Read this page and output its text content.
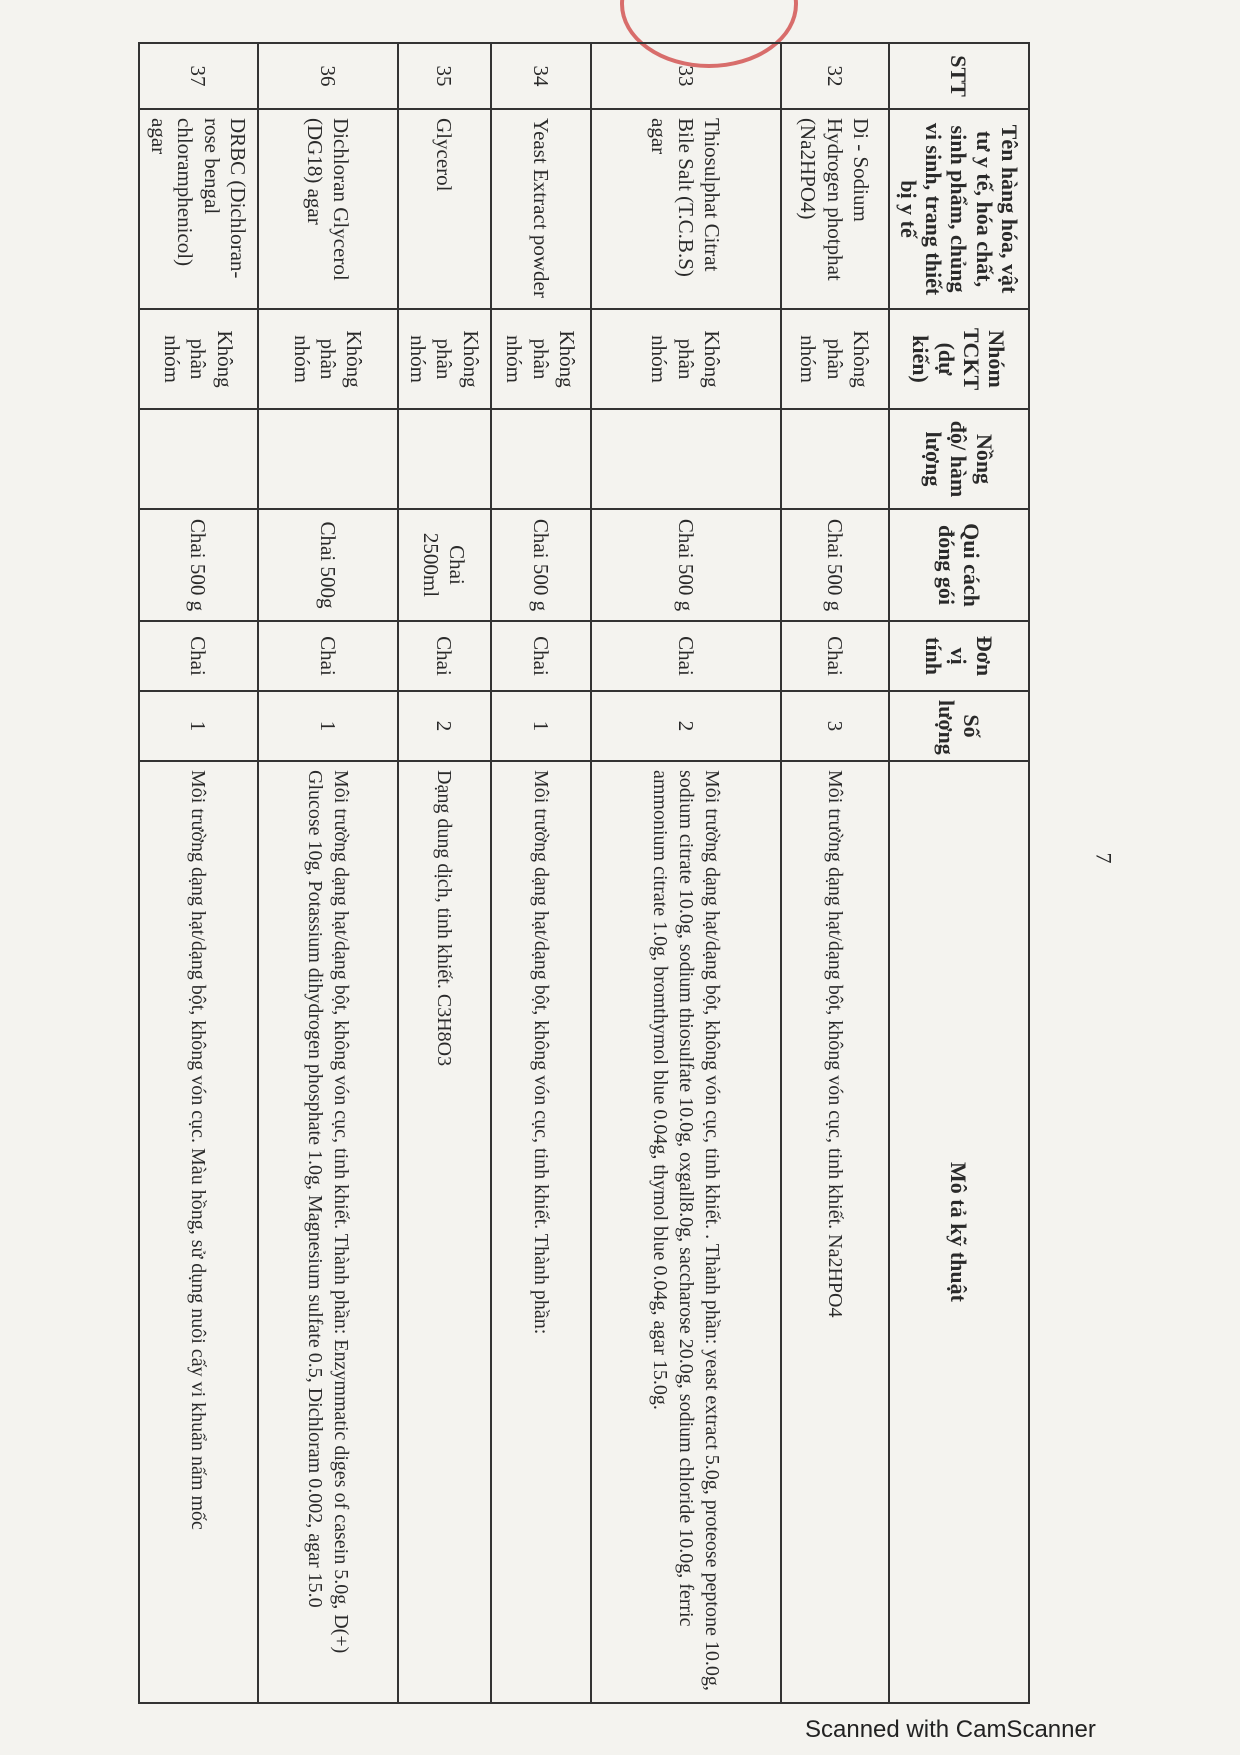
STT	Tên hàng hóa, vật tư y tế, hóa chất, sinh phẩm, chủng vi sinh, trang thiết bị y tế	Nhóm TCKT (dự kiến)	Nồng độ/ hàm lượng	Qui cách đóng gói	Đơn vị tính	Số lượng	Mô tả kỹ thuật
32	Di - Sodium Hydrogen photphat (Na2HPO4)	Không phân nhóm		Chai 500 g	Chai	3	Môi trường dạng hạt/dạng bột, không vón cục, tinh khiết. Na2HPO4
33	Thiosulphat Citrat Bile Salt (T.C.B.S) agar	Không phân nhóm		Chai 500 g	Chai	2	Môi trường dạng hạt/dạng bột, không vón cục, tinh khiết. . Thành phần: yeast extract 5.0g, proteose peptone 10.0g, sodium citrate 10.0g, sodium thiosulfate 10.0g, oxgall8.0g, saccharose 20.0g, sodium chloride 10.0g, ferric ammonium citrate 1.0g, bromthymol blue 0.04g, thymol blue 0.04g, agar 15.0g.
34	Yeast Extract powder	Không phân nhóm		Chai 500 g	Chai	1	Môi trường dạng hạt/dạng bột, không vón cục, tinh khiết. Thành phần:
35	Glycerol	Không phân nhóm		Chai 2500ml	Chai	2	Dạng dung dịch, tinh khiết. C3H8O3
36	Dichloran Glycerol (DG18) agar	Không phân nhóm		Chai 500g	Chai	1	Môi trường dạng hạt/dạng bột, không vón cục, tinh khiết. Thành phần: Enzymmatic diges of casein 5.0g, D(+) Glucose 10g, Potassium dihydrogen phosphate 1.0g, Magnesium sulfate 0.5, Dichloram 0.002, agar 15.0
37	DRBC (Dichloran-rose bengal chloramphenicol) agar	Không phân nhóm		Chai 500 g	Chai	1	Môi trường dạng hạt/dạng bột, không vón cục. Màu hồng, sử dụng nuôi cấy vi khuẩn nấm mốc	7
Scanned with CamScanner
